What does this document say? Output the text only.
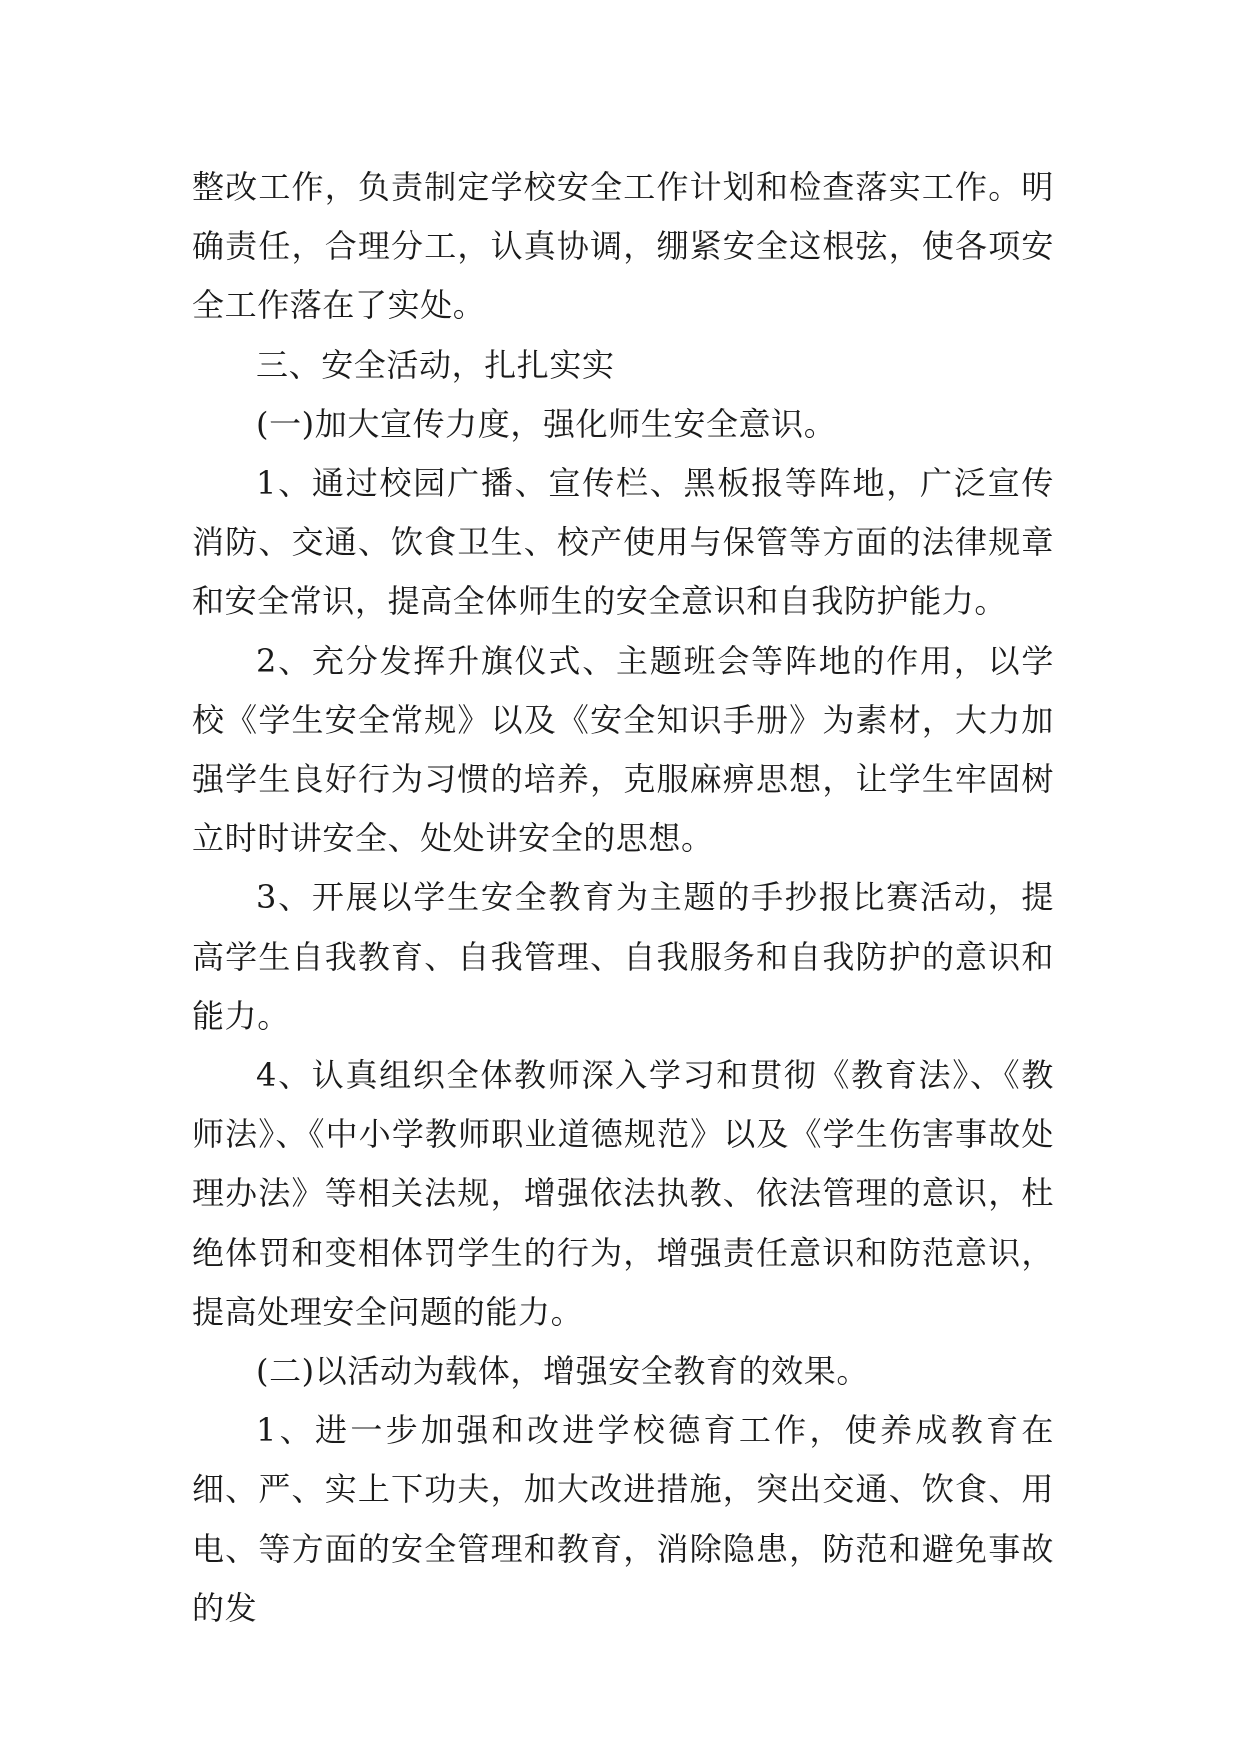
整改工作，负责制定学校安全工作计划和检查落实工作。明确责任，合理分工，认真协调，绷紧安全这根弦，使各项安全工作落在了实处。

三、安全活动，扎扎实实

(一)加大宣传力度，强化师生安全意识。

1、通过校园广播、宣传栏、黑板报等阵地，广泛宣传消防、交通、饮食卫生、校产使用与保管等方面的法律规章和安全常识，提高全体师生的安全意识和自我防护能力。

2、充分发挥升旗仪式、主题班会等阵地的作用，以学校《学生安全常规》以及《安全知识手册》为素材，大力加强学生良好行为习惯的培养，克服麻痹思想，让学生牢固树立时时讲安全、处处讲安全的思想。

3、开展以学生安全教育为主题的手抄报比赛活动，提高学生自我教育、自我管理、自我服务和自我防护的意识和能力。

4、认真组织全体教师深入学习和贯彻《教育法》、《教师法》、《中小学教师职业道德规范》以及《学生伤害事故处理办法》等相关法规，增强依法执教、依法管理的意识，杜绝体罚和变相体罚学生的行为，增强责任意识和防范意识，提高处理安全问题的能力。

(二)以活动为载体，增强安全教育的效果。

1、进一步加强和改进学校德育工作，使养成教育在细、严、实上下功夫，加大改进措施，突出交通、饮食、用电、等方面的安全管理和教育，消除隐患，防范和避免事故的发
